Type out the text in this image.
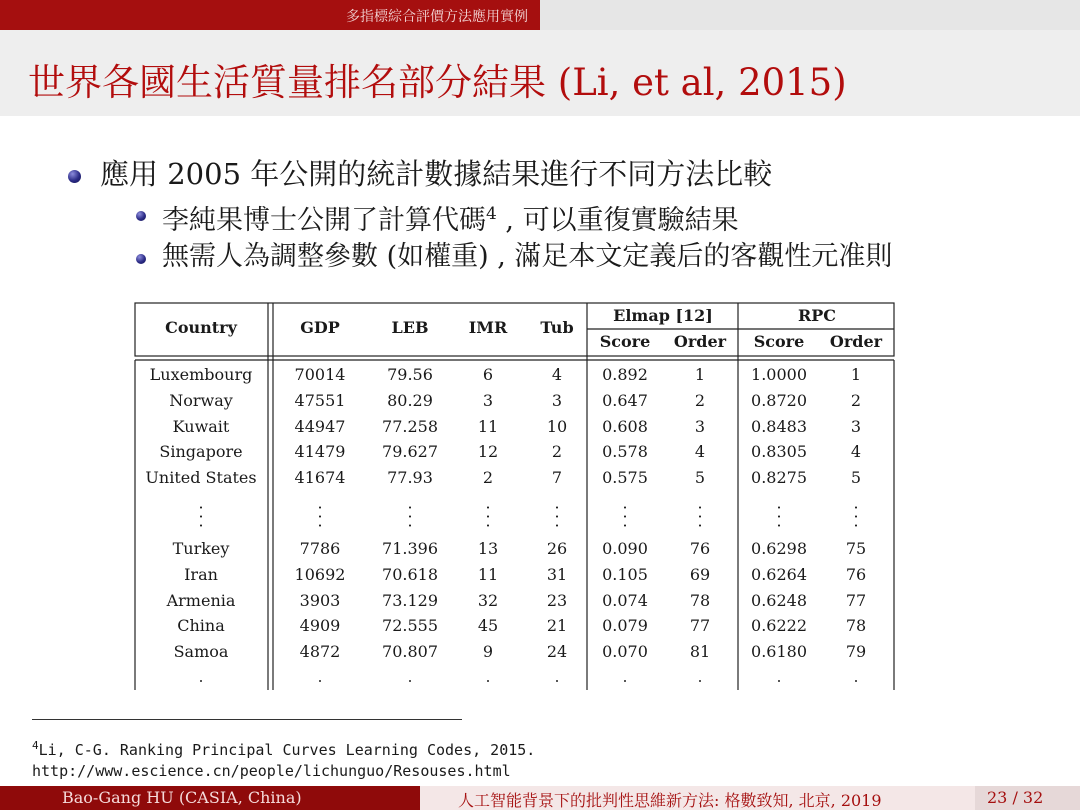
多指標綜合評價方法應用實例
世界各國生活質量排名部分結果 (Li, et al, 2015)
應用 2005 年公開的統計數據結果進行不同方法比較
李純果博士公開了計算代碼$^4$ , 可以重復實驗結果
無需人為調整參數 (如權重) , 滿足本文定義后的客觀性元准則
Country	GDP	LEB	IMR Tub
Elmap [12]	RPC
Score Order Score Order
Luxembourg	70014	79.56	6	4	0.892	1	1.0000	1
Norway	47551	80.29	3	3	0.647	2	0.8720	2
Kuwait	44947 77.258 11	10 0.608	3	0.8483	3
Singapore	41479 79.627 12	2	0.578	4	0.8305	4
United States 41674	77.93	2	7	0.575	5	0.8275	5
Turkey	7786	71.396 13	26 0.090	76	0.6298 75
Iran	10692 70.618 11	31 0.105	69	0.6264 76
Armenia	3903	73.129 32	23 0.074	78	0.6248 77
China	4909	72.555 45	21 0.079	77	0.6222 78
Samoa	4872	70.807	9	24 0.070	81	0.6180 79
$^4$Li, C-G. Ranking Principal Curves Learning Codes, 2015.
http://www.escience.cn/people/lichunguo/Resouses.html
Bao-Gang HU (CASIA, China)	人工智能背景下的批判性思維新方法: 格數致知, 北京, 2019	23 / 32
